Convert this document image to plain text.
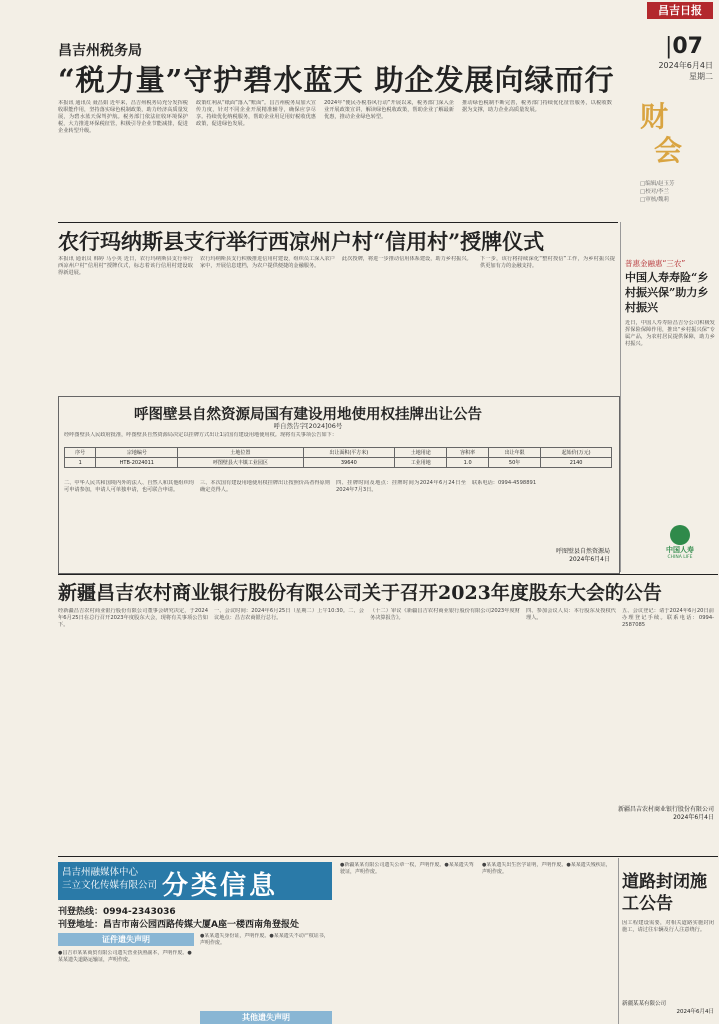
昌吉日报
|07
2024年6月4日
星期二
昌吉州税务局
“税力量”守护碧水蓝天 助企发展向绿而行
本报讯 通讯员 聂昌娟 近年来，昌吉州税务局充分发挥税收职能作用，坚持落实绿色税制政策，助力经济高质量发展，为碧水蓝天保驾护航。税务部门依法征收环境保护税，大力推进环保税征管，积极引导企业节能减排，促进企业转型升级。
政策红利从“纸面”落入“账面”。昌吉州税务局加大宣传力度，针对不同企业开展精准辅导，确保应享尽享。持续优化纳税服务，帮助企业用足用好税收优惠政策，促进绿色发展。
2024年“便民办税春风行动”开展以来，税务部门深入企业开展政策宣讲，解读绿色税收政策，帮助企业了解最新优惠，推动企业绿色转型。
推动绿色税制不断完善，税务部门持续优化征管服务，以税收数据为支撑，助力企业高质量发展。	财
会
□编辑/赵玉芳
□校对/李兰
□审核/魏莉
农行玛纳斯县支行举行西凉州户村“信用村”授牌仪式
本报讯 通讯员 韩婷 马小英 近日，农行玛纳斯县支行举行西凉州户村“信用村”授牌仪式，标志着该行信用村建设取得新进展。
农行玛纳斯县支行积极推进信用村建设，组织员工深入农户家中，开展信息建档，为农户提供便捷的金融服务。
此次授牌，将进一步推动信用体系建设，助力乡村振兴。 下一步，该行将持续深化“整村授信”工作，为乡村振兴提供更加有力的金融支持。	普惠金融惠“三农”
中国人寿寿险“乡村振兴保”助力乡村振兴
近日，中国人寿寿险昌吉分公司积极发挥保险保障作用，推出“乡村振兴保”专属产品，为农村居民提供保障，助力乡村振兴。
中国人寿
CHINA LIFE
呼图壁县自然资源局国有建设用地使用权挂牌出让公告
呼自然告字[2024]06号
经呼图壁县人民政府批准，呼图壁县自然资源局决定以挂牌方式出让1宗国有建设用地使用权。现将有关事项公告如下：
序号	宗地编号	土地位置	出让面积(平方米)	土地用途	容积率	出让年限	起始价(万元)
1	HTB-2024011	呼图壁县大丰镇工业园区	39640	工业用地	1.0	50年	2140
二、中华人民共和国境内外的法人、自然人和其他组织均可申请参加，申请人可单独申请，也可联合申请。
三、本次国有建设用地使用权挂牌出让按照价高者得原则确定竞得人。
四、挂牌时间及地点：挂牌时间为2024年6月24日至2024年7月3日。
联系电话：0994-4598891
呼图壁县自然资源局
2024年6月4日
新疆昌吉农村商业银行股份有限公司关于召开2023年度股东大会的公告
经新疆昌吉农村商业银行股份有限公司董事会研究决定，于2024年6月25日在总行召开2023年度股东大会，现将有关事项公告如下。
一、会议时间：2024年6月25日（星期二）上午10:30。二、会议地点：昌吉农商银行总行。
（十二）审议《新疆昌吉农村商业银行股份有限公司2023年度财务决算报告》。
四、参加会议人员：本行股东及授权代理人。
五、会议登记：请于2024年6月20日前办理登记手续。联系电话：0994-2587085
新疆昌吉农村商业银行股份有限公司
2024年6月4日
昌吉州融媒体中心
三立文化传媒有限公司 分类信息
刊登热线：0994-2343036
刊登地址：昌吉市南公园西路传媒大厦A座一楼西南角登报处
证件遗失声明
●昌吉市某某商贸有限公司遗失营业执照副本，声明作废。●某某遗失道路运输证，声明作废。
●某某遗失身份证，声明作废。●某某遗失不动产权证书，声明作废。
其他遗失声明
●新疆某某有限公司遗失公章一枚，声明作废。●某某遗失驾驶证，声明作废。
●某某遗失出生医学证明，声明作废。●某某遗失残疾证，声明作废。	道路封闭施工公告
因工程建设需要，对相关道路实施封闭施工，请过往车辆及行人注意绕行。
新疆某某有限公司
2024年6月4日
